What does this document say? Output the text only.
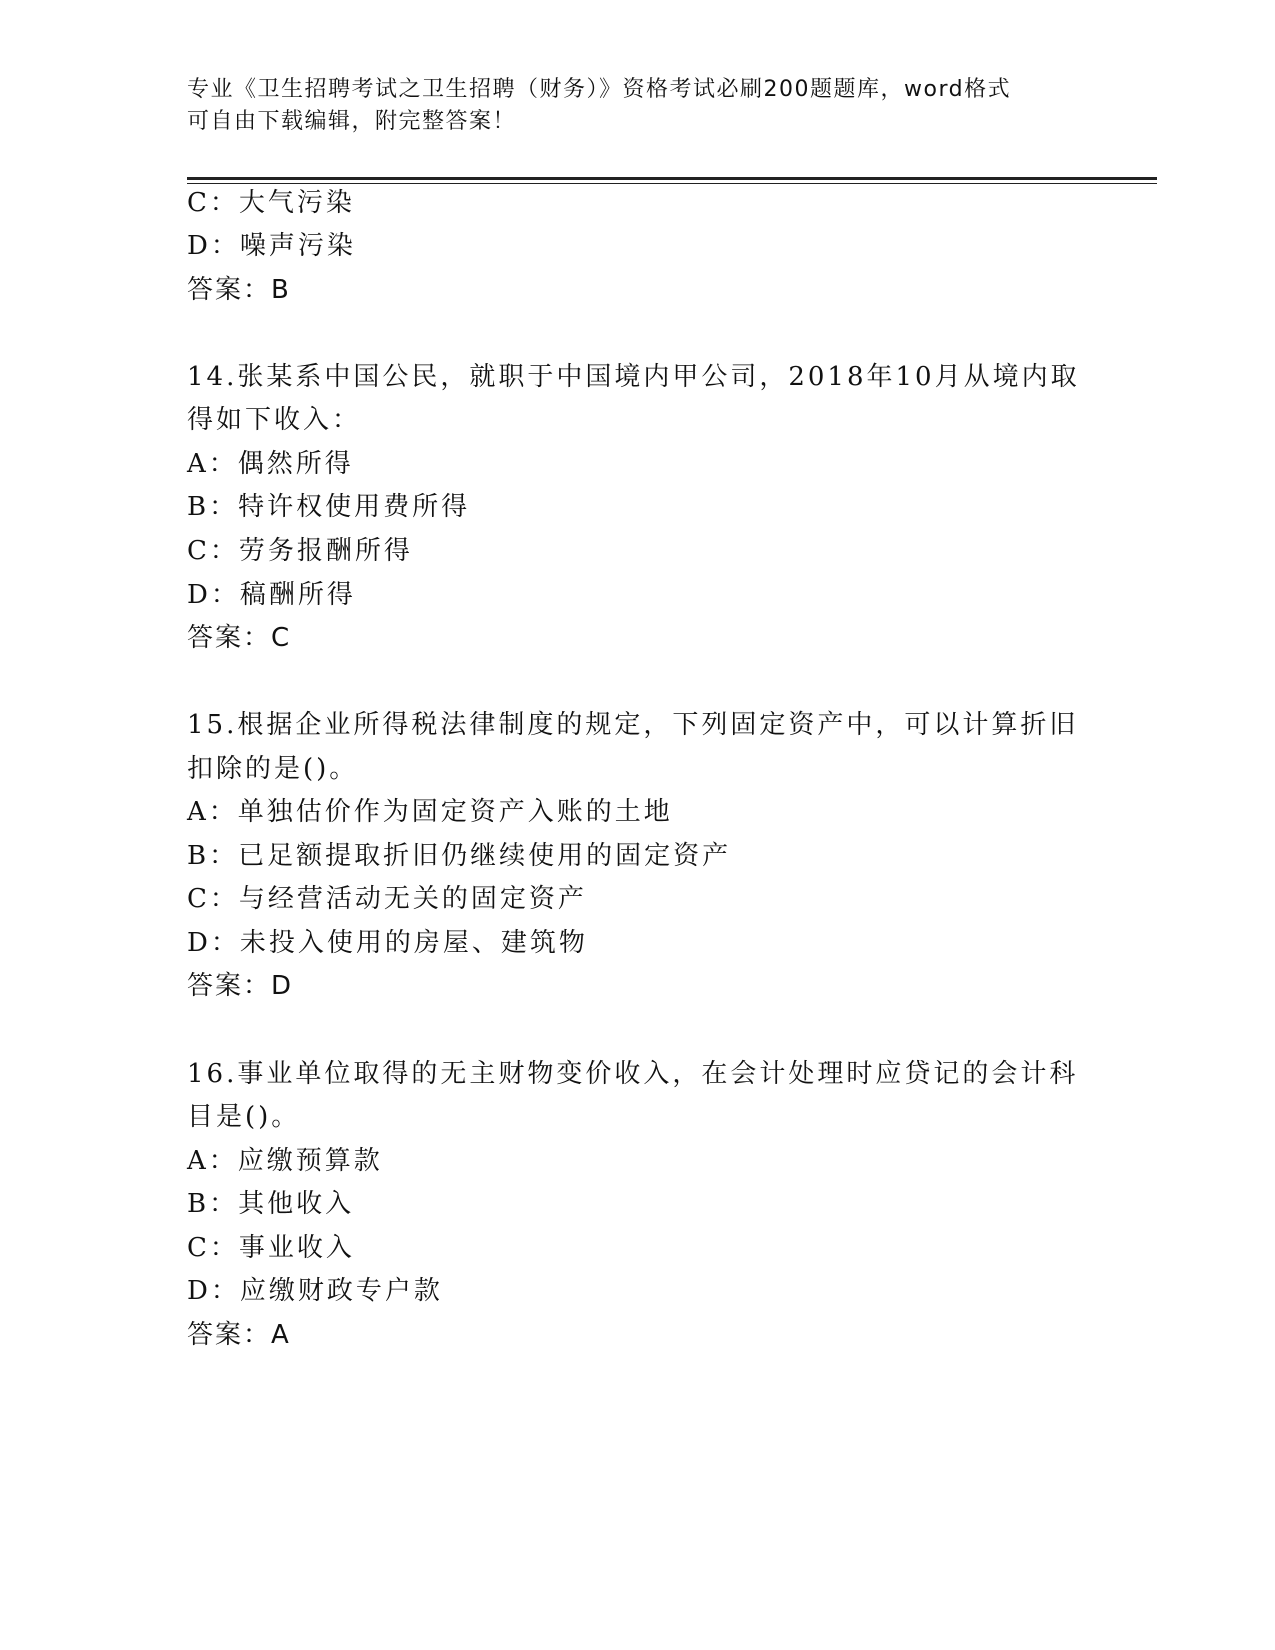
专业《卫生招聘考试之卫生招聘（财务）》资格考试必刷200题题库，word格式
可自由下载编辑，附完整答案！
C：大气污染
D：噪声污染
答案：B
14.张某系中国公民，就职于中国境内甲公司，2018年10月从境内取
得如下收入：
A：偶然所得
B：特许权使用费所得
C：劳务报酬所得
D：稿酬所得
答案：C
15.根据企业所得税法律制度的规定，下列固定资产中，可以计算折旧
扣除的是()。
A：单独估价作为固定资产入账的土地
B：已足额提取折旧仍继续使用的固定资产
C：与经营活动无关的固定资产
D：未投入使用的房屋、建筑物
答案：D
16.事业单位取得的无主财物变价收入，在会计处理时应贷记的会计科
目是()。
A：应缴预算款
B：其他收入
C：事业收入
D：应缴财政专户款
答案：A
